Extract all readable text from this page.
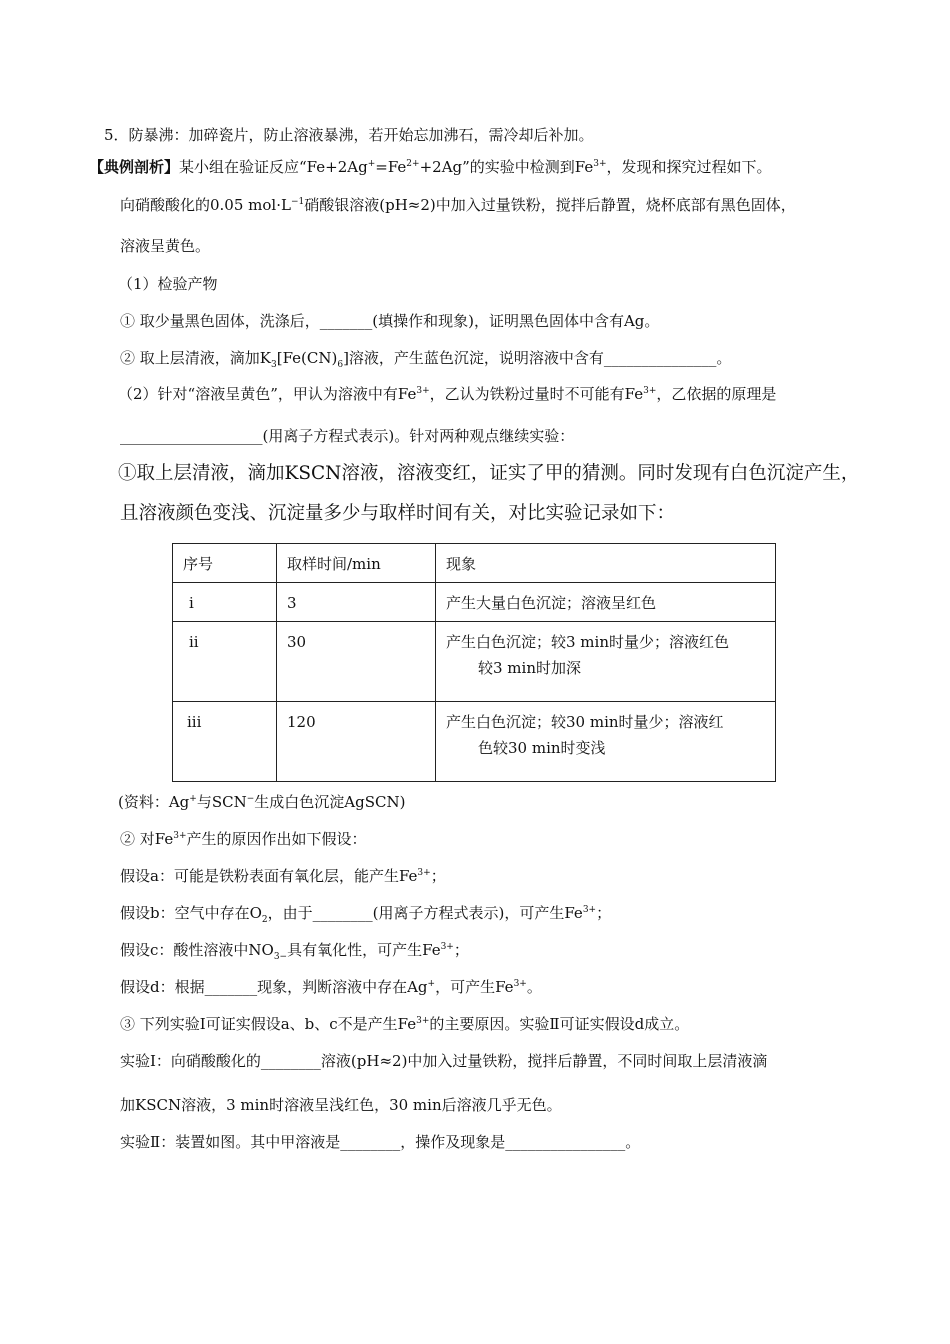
5．防暴沸：加碎瓷片，防止溶液暴沸，若开始忘加沸石，需冷却后补加。
【典例剖析】某小组在验证反应“$Fe+2Ag^+=Fe^{2+}+2Ag$”的实验中检测到$Fe^{3+}$，发现和探究过程如下。
向硝酸酸化的0.05 $mol\cdot L^{-1}$硝酸银溶液(pH≈2)中加入过量铁粉，搅拌后静置，烧杯底部有黑色固体，
溶液呈黄色。
（1）检验产物
① 取少量黑色固体，洗涤后，_______(填操作和现象)，证明黑色固体中含有Ag。
② 取上层清液，滴加$K_3[Fe(CN)_6]$溶液，产生蓝色沉淀，说明溶液中含有_______________。
（2）针对“溶液呈黄色”，甲认为溶液中有$Fe^{3+}$，乙认为铁粉过量时不可能有$Fe^{3+}$，乙依据的原理是
___________________(用离子方程式表示)。针对两种观点继续实验：
①取上层清液，滴加KSCN溶液，溶液变红，证实了甲的猜测。同时发现有白色沉淀产生，
且溶液颜色变浅、沉淀量多少与取样时间有关，对比实验记录如下：
序号	取样时间/min	现象
i	3	产生大量白色沉淀；溶液呈红色
ii	30	产生白色沉淀；较3 min时量少；溶液红色
较3 min时加深

iii	120	产生白色沉淀；较30 min时量少；溶液红
色较30 min时变浅
(资料：Ag+与SCN−生成白色沉淀AgSCN)
② 对$Fe^{3+}$产生的原因作出如下假设：
假设a：可能是铁粉表面有氧化层，能产生$Fe^{3+}$；
假设b：空气中存在$O_2$，由于________(用离子方程式表示)，可产生$Fe^{3+}$；
假设c：酸性溶液中$NO_{3-}$具有氧化性，可产生$Fe^{3+}$；
假设d：根据_______现象，判断溶液中存在Ag+，可产生$Fe^{3+}$。
③ 下列实验Ⅰ可证实假设a、b、c不是产生$Fe^{3+}$的主要原因。实验Ⅱ可证实假设d成立。
实验Ⅰ：向硝酸酸化的________溶液(pH≈2)中加入过量铁粉，搅拌后静置，不同时间取上层清液滴
加KSCN溶液，3 min时溶液呈浅红色，30 min后溶液几乎无色。
实验Ⅱ：装置如图。其中甲溶液是________，操作及现象是________________。
